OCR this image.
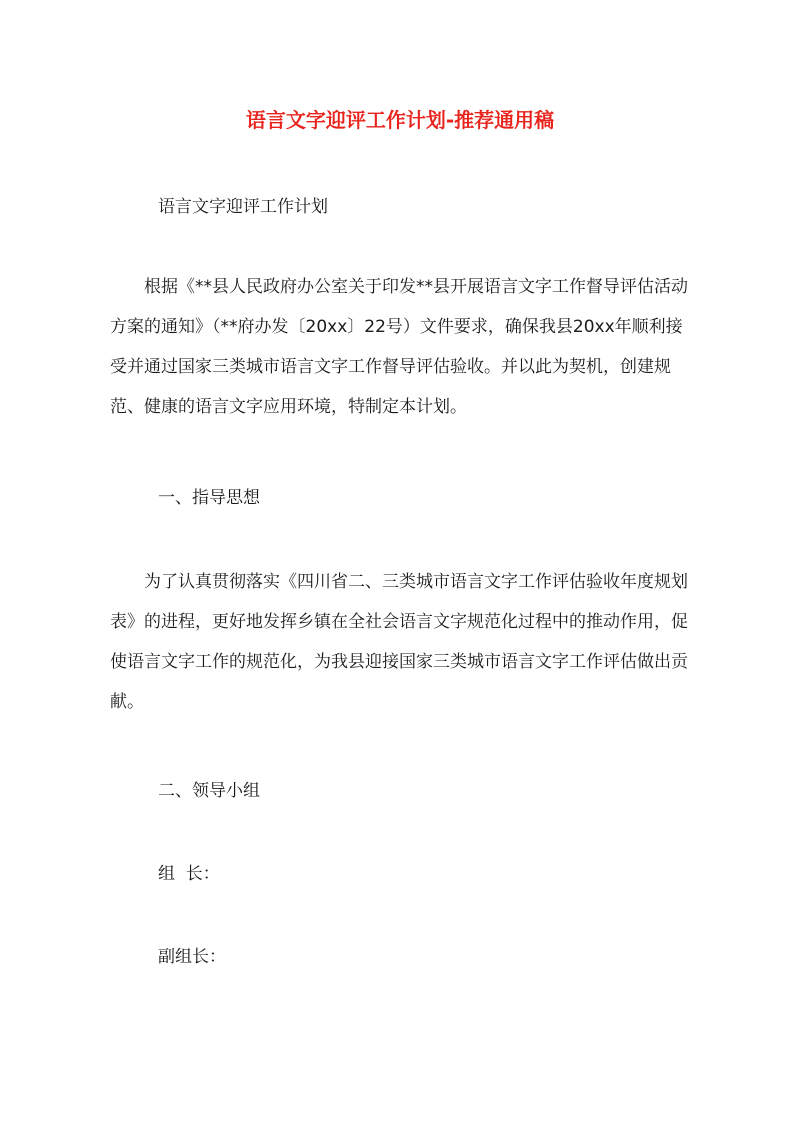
语言文字迎评工作计划-推荐通用稿

语言文字迎评工作计划

根据《**县人民政府办公室关于印发**县开展语言文字工作督导评估活动方案的通知》（**府办发〔20xx〕22号）文件要求，确保我县20xx年顺利接受并通过国家三类城市语言文字工作督导评估验收。并以此为契机，创建规范、健康的语言文字应用环境，特制定本计划。

一、指导思想

为了认真贯彻落实《四川省二、三类城市语言文字工作评估验收年度规划表》的进程，更好地发挥乡镇在全社会语言文字规范化过程中的推动作用，促使语言文字工作的规范化，为我县迎接国家三类城市语言文字工作评估做出贡献。

二、领导小组

组  长：

副组长：
